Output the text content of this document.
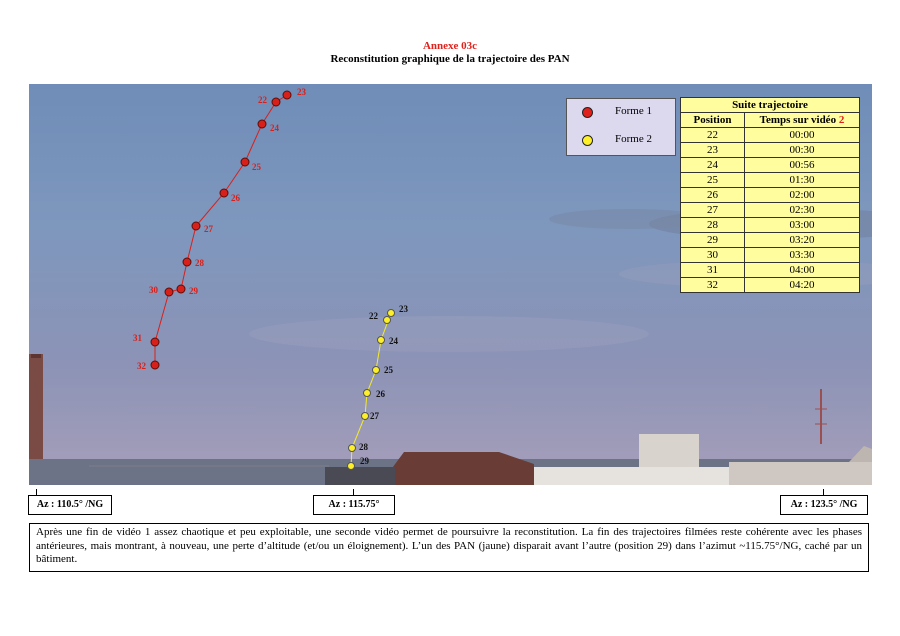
Annexe 03c
Reconstitution graphique de la trajectoire des PAN
22
23
24
25
26
27
28
29
30
31
32
22
23
24
25
26
27
28
29
Forme 1
Forme 2
Suite trajectoire	
Position	Temps sur vidéo 2
22	00:00
23	00:30
24	00:56
25	01:30
26	02:00
27	02:30
28	03:00
29	03:20
30	03:30
31	04:00
32	04:20
Az : 110.5° /NG	Az : 115.75°	Az : 123.5° /NG
Après une fin de vidéo 1 assez chaotique et peu exploitable, une seconde vidéo permet de poursuivre la reconstitution. La fin des trajectoires filmées reste cohérente avec les phases antérieures, mais montrant, à nouveau, une perte d’altitude (et/ou un éloignement). L’un des PAN (jaune) disparait avant l’autre (position 29) dans l’azimut ~115.75°/NG, caché par un bâtiment.
